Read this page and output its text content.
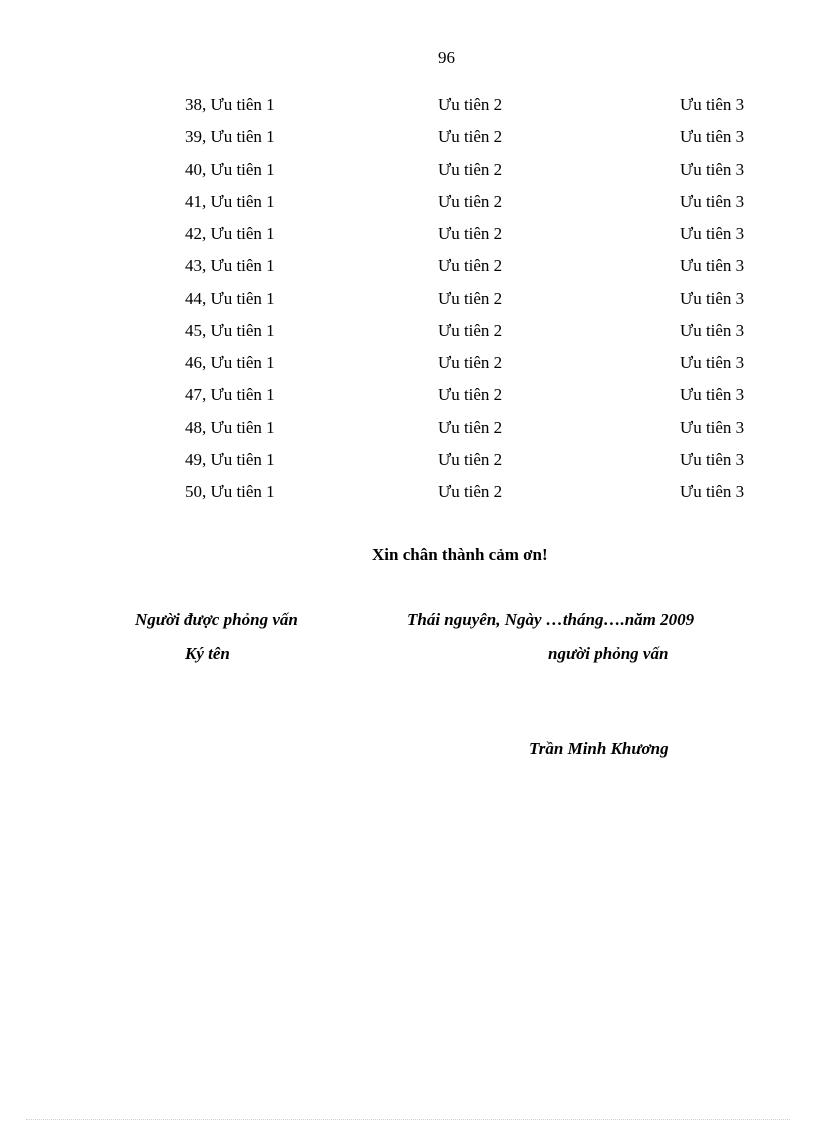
96
38, Ưu tiên 1	Ưu tiên 2	Ưu tiên 3
39, Ưu tiên 1	Ưu tiên 2	Ưu tiên 3
40, Ưu tiên 1	Ưu tiên 2	Ưu tiên 3
41, Ưu tiên 1	Ưu tiên 2	Ưu tiên 3
42, Ưu tiên 1	Ưu tiên 2	Ưu tiên 3
43, Ưu tiên 1	Ưu tiên 2	Ưu tiên 3
44, Ưu tiên 1	Ưu tiên 2	Ưu tiên 3
45, Ưu tiên 1	Ưu tiên 2	Ưu tiên 3
46, Ưu tiên 1	Ưu tiên 2	Ưu tiên 3
47, Ưu tiên 1	Ưu tiên 2	Ưu tiên 3
48, Ưu tiên 1	Ưu tiên 2	Ưu tiên 3
49, Ưu tiên 1	Ưu tiên 2	Ưu tiên 3
50, Ưu tiên 1	Ưu tiên 2	Ưu tiên 3
Xin chân thành cảm ơn!
Người được phỏng vấn
Ký tên
Thái nguyên, Ngày …tháng….năm 2009
người phỏng vấn
Trần Minh Khương
